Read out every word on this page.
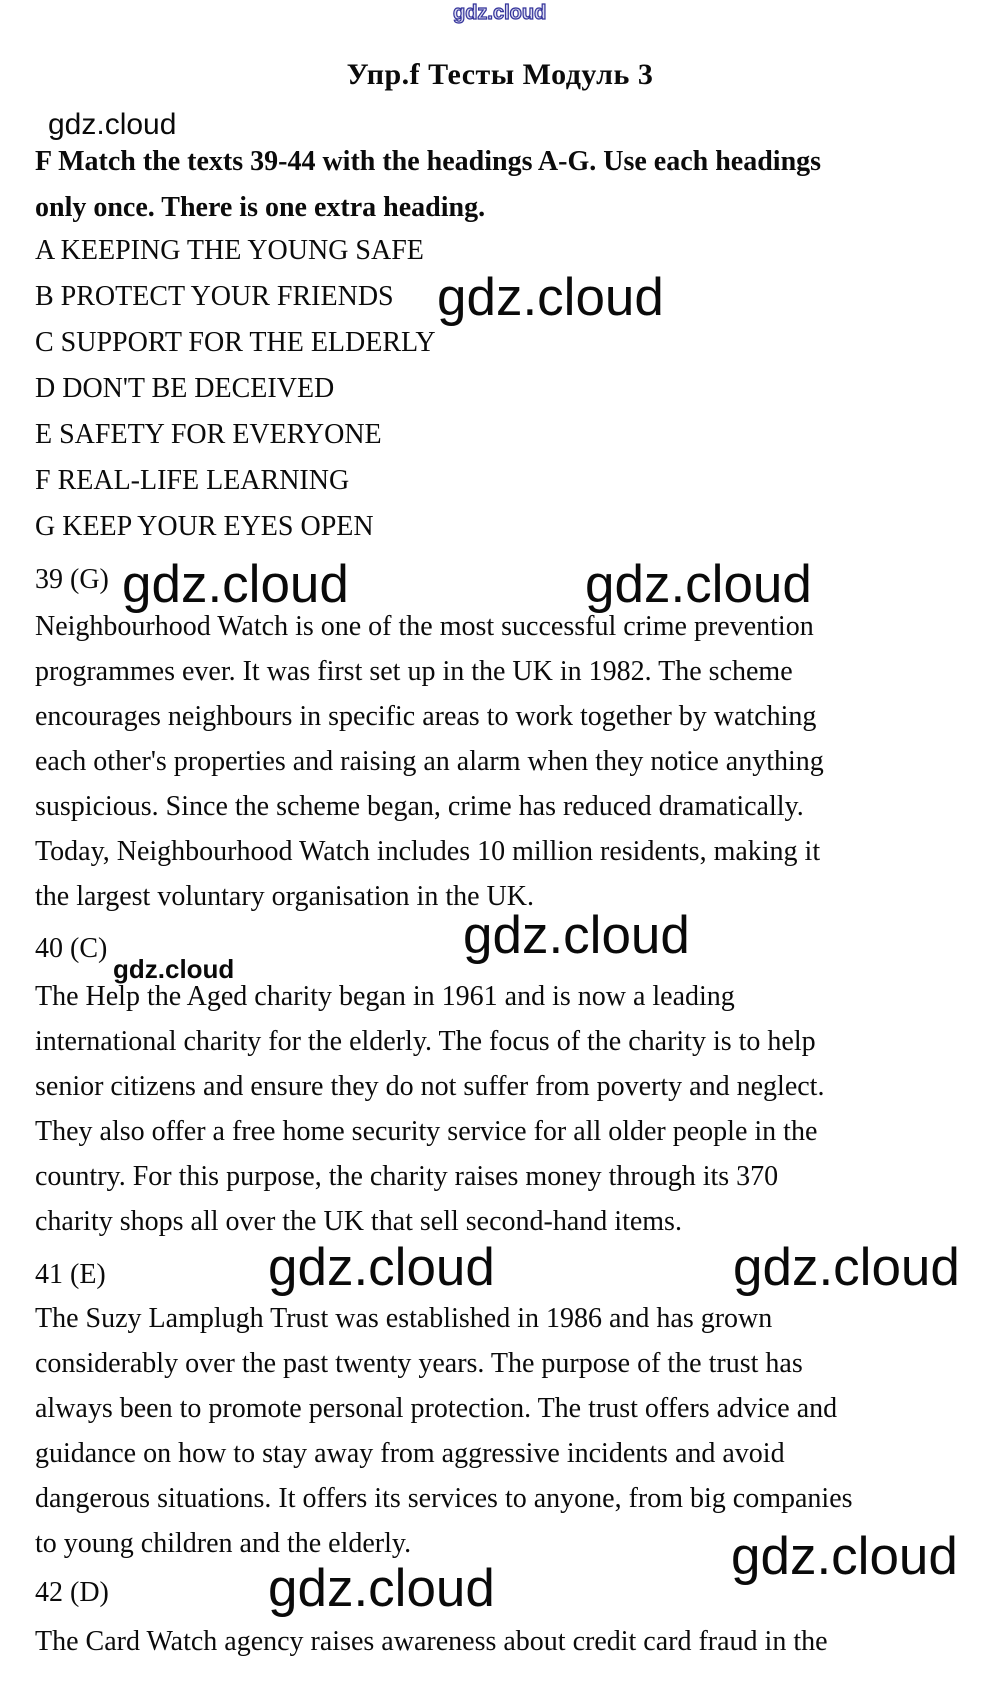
gdz.cloud
Упр.f Тесты Модуль 3
gdz.cloud
F Match the texts 39-44 with the headings A-G. Use each headings
only once. There is one extra heading.
A KEEPING THE YOUNG SAFE
B PROTECT YOUR FRIENDS
C SUPPORT FOR THE ELDERLY
D DON'T BE DECEIVED
E SAFETY FOR EVERYONE
F REAL-LIFE LEARNING
G KEEP YOUR EYES OPEN
gdz.cloud
39 (G) gdz.cloud	gdz.cloud
Neighbourhood Watch is one of the most successful crime prevention
programmes ever. It was first set up in the UK in 1982. The scheme
encourages neighbours in specific areas to work together by watching
each other's properties and raising an alarm when they notice anything
suspicious. Since the scheme began, crime has reduced dramatically.
Today, Neighbourhood Watch includes 10 million residents, making it
the largest voluntary organisation in the UK.
gdz.cloud
40 (C)
gdz.cloud
The Help the Aged charity began in 1961 and is now a leading
international charity for the elderly. The focus of the charity is to help
senior citizens and ensure they do not suffer from poverty and neglect.
They also offer a free home security service for all older people in the
country. For this purpose, the charity raises money through its 370
charity shops all over the UK that sell second-hand items.
gdz.cloud	gdz.cloud
41 (E)
The Suzy Lamplugh Trust was established in 1986 and has grown
considerably over the past twenty years. The purpose of the trust has
always been to promote personal protection. The trust offers advice and
guidance on how to stay away from aggressive incidents and avoid
dangerous situations. It offers its services to anyone, from big companies
to young children and the elderly.	gdz.cloud
gdz.cloud
42 (D)
The Card Watch agency raises awareness about credit card fraud in the
